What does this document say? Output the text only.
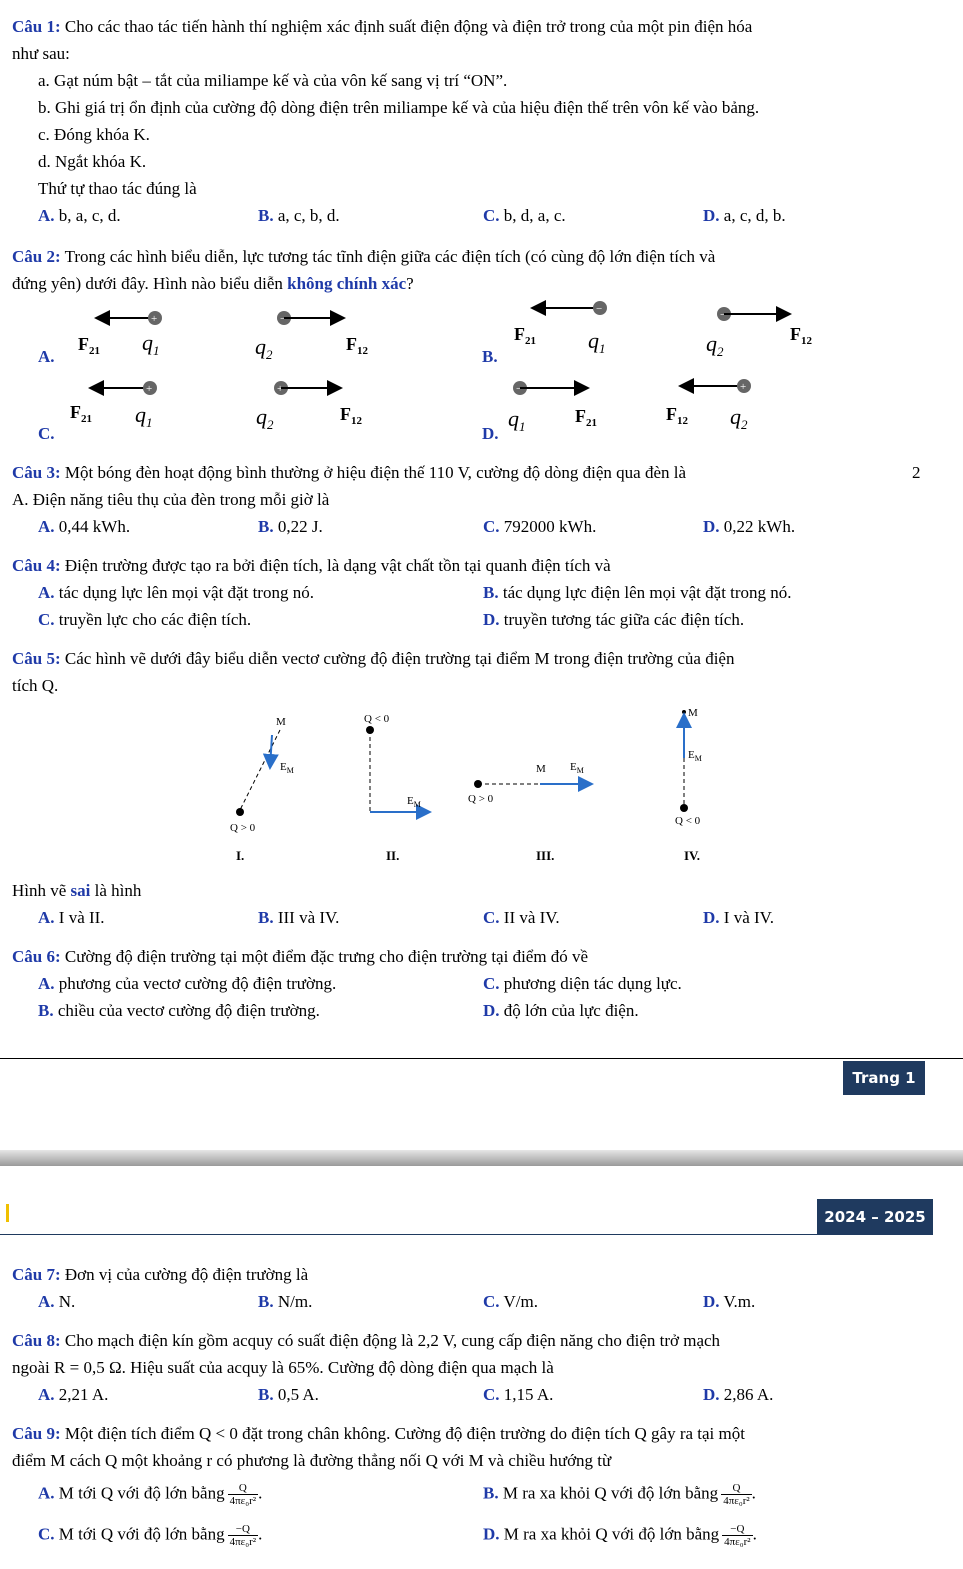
Câu 1: Cho các thao tác tiến hành thí nghiệm xác định suất điện động và điện trở trong của một pin điện hóa
như sau:
a. Gạt núm bật – tắt của miliampe kế và của vôn kế sang vị trí “ON”.
b. Ghi giá trị ổn định của cường độ dòng điện trên miliampe kế và của hiệu điện thế trên vôn kế vào bảng.
c. Đóng khóa K.
d. Ngắt khóa K.
Thứ tự thao tác đúng là
A. b, a, c, d.	B. a, c, b, d.	C. b, d, a, c.	D. a, c, d, b.
Câu 2: Trong các hình biểu diễn, lực tương tác tĩnh điện giữa các điện tích (có cùng độ lớn điện tích và
đứng yên) dưới đây. Hình nào biểu diễn không chính xác?
A.
+
$F_{21}$ $q_1$
−
$q_2$
$F_{12}$	B.
−
$F_{21}$ $q_1$
−
$q_2$
$F_{12}$
C.
+
$F_{21}$ $q_1$
+
$q_2$
$F_{12}$
D.
−
$q_1$
$F_{21}$
+
$F_{12}$ $q_2$
Câu 3: Một bóng đèn hoạt động bình thường ở hiệu điện thế 110 V, cường độ dòng điện qua đèn là	2
A. Điện năng tiêu thụ của đèn trong mỗi giờ là
A. 0,44 kWh.	B. 0,22 J.	C. 792000 kWh.	D. 0,22 kWh.
Câu 4: Điện trường được tạo ra bởi điện tích, là dạng vật chất tồn tại quanh điện tích và
A. tác dụng lực lên mọi vật đặt trong nó.	B. tác dụng lực điện lên mọi vật đặt trong nó.
C. truyền lực cho các điện tích.	D. truyền tương tác giữa các điện tích.
Câu 5: Các hình vẽ dưới đây biểu diễn vectơ cường độ điện trường tại điểm M trong điện trường của điện
tích Q.
M
$E_M$
Q > 0
I.
Q < 0
$E_M$
II.
M $E_M$
Q > 0
III.
M
$E_M$
Q < 0
IV.
Hình vẽ sai là hình
A. I và II.	B. III và IV.	C. II và IV.	D. I và IV.
Câu 6: Cường độ điện trường tại một điểm đặc trưng cho điện trường tại điểm đó về
A. phương của vectơ cường độ điện trường.	C. phương diện tác dụng lực.
B. chiều của vectơ cường độ điện trường.	D. độ lớn của lực điện.
Trang 1
2024 – 2025
Câu 7: Đơn vị của cường độ điện trường là
A. N.	B. N/m.	C. V/m.	D. V.m.
Câu 8: Cho mạch điện kín gồm acquy có suất điện động là 2,2 V, cung cấp điện năng cho điện trở mạch
ngoài R = 0,5 Ω. Hiệu suất của acquy là 65%. Cường độ dòng điện qua mạch là
A. 2,21 A.	B. 0,5 A.	C. 1,15 A.	D. 2,86 A.
Câu 9: Một điện tích điểm Q < 0 đặt trong chân không. Cường độ điện trường do điện tích Q gây ra tại một
điểm M cách Q một khoảng r có phương là đường thẳng nối Q với M và chiều hướng từ
A. M tới Q với độ lớn bằng $\frac{Q}{\text{4πε₀r²}}$ .	B. M ra xa khỏi Q với độ lớn bằng $\frac{Q}{\text{4πε₀r²}}$ .
C. M tới Q với độ lớn bằng $\frac{-Q}{\text{4πε₀r²}}$ .	D. M ra xa khỏi Q với độ lớn bằng $\frac{-Q}{\text{4πε₀r²}}$ .
